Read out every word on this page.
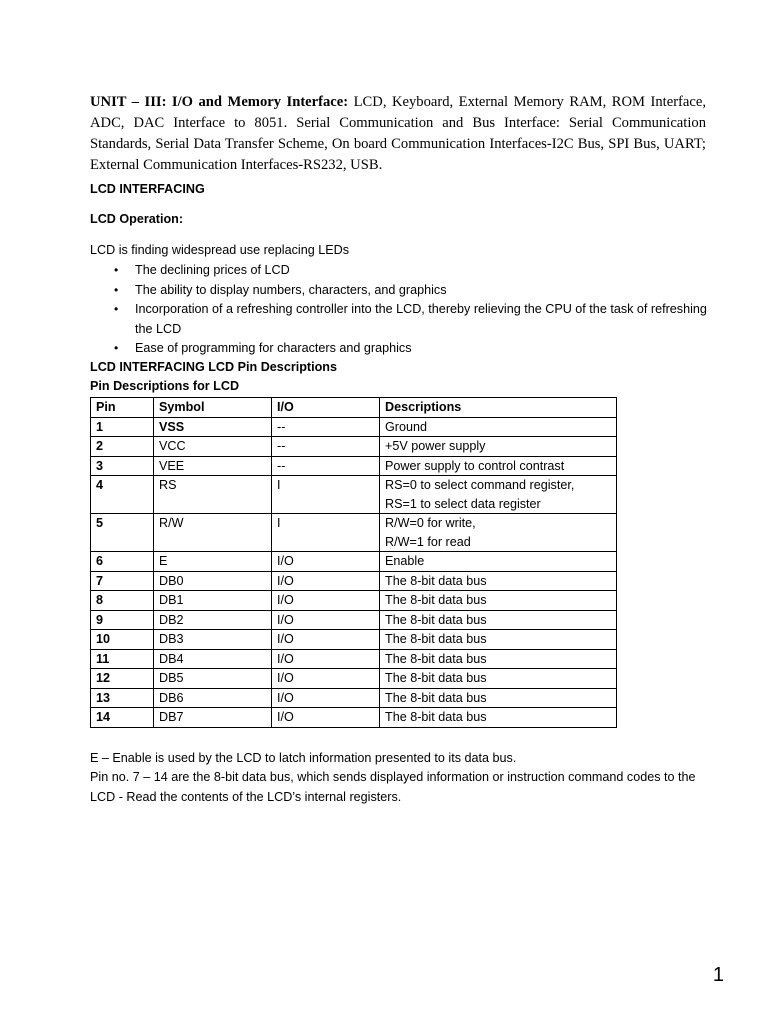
UNIT – III: I/O and Memory Interface: LCD, Keyboard, External Memory RAM, ROM Interface, ADC, DAC Interface to 8051. Serial Communication and Bus Interface: Serial Communication Standards, Serial Data Transfer Scheme, On board Communication Interfaces-I2C Bus, SPI Bus, UART; External Communication Interfaces-RS232, USB.

LCD INTERFACING

LCD Operation:

LCD is finding widespread use replacing LEDs

• The declining prices of LCD
• The ability to display numbers, characters, and graphics
• Incorporation of a refreshing controller into the LCD, thereby relieving the CPU of the task of refreshing the LCD
• Ease of programming for characters and graphics

LCD INTERFACING LCD Pin Descriptions

Pin Descriptions for LCD

Pin	Symbol	I/O	Descriptions
1	VSS	--	Ground

2	VCC	--	+5V power supply

3	VEE	--	Power supply to control contrast

4	RS	I	RS=0 to select command register,
RS=1 to select data register

5	R/W	I	R/W=0 for write,
R/W=1 for read

6	E	I/O	Enable

7	DB0	I/O	The 8-bit data bus

8	DB1	I/O	The 8-bit data bus

9	DB2	I/O	The 8-bit data bus

10	DB3	I/O	The 8-bit data bus

11	DB4	I/O	The 8-bit data bus

12	DB5	I/O	The 8-bit data bus

13	DB6	I/O	The 8-bit data bus

14	DB7	I/O	The 8-bit data bus

E – Enable is used by the LCD to latch information presented to its data bus.

Pin no. 7 – 14 are the 8-bit data bus, which sends displayed information or instruction command codes to the LCD - Read the contents of the LCD’s internal registers.

1
